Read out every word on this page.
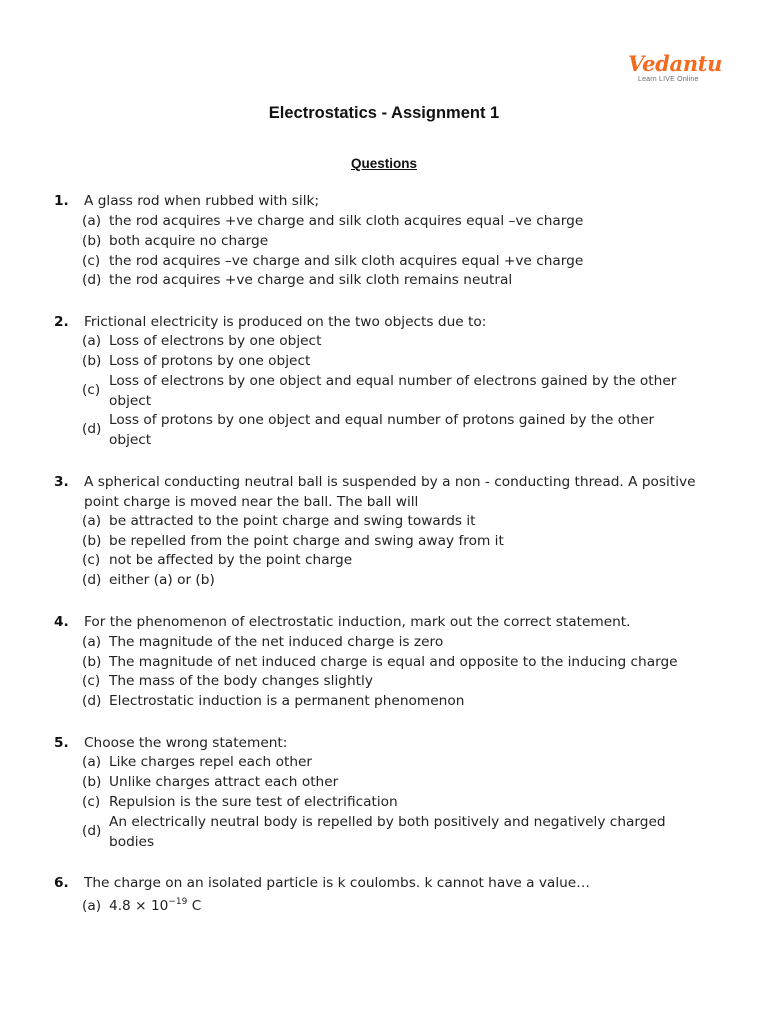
Vedantu
Learn LIVE Online
Electrostatics - Assignment 1
Questions
1. A glass rod when rubbed with silk;
(a) the rod acquires +ve charge and silk cloth acquires equal –ve charge
(b) both acquire no charge
(c) the rod acquires –ve charge and silk cloth acquires equal +ve charge
(d) the rod acquires +ve charge and silk cloth remains neutral
2. Frictional electricity is produced on the two objects due to:
(a) Loss of electrons by one object
(b) Loss of protons by one object
(c)
Loss of electrons by one object and equal number of electrons gained by the other object
(d)
Loss of protons by one object and equal number of protons gained by the other object
3. A spherical conducting neutral ball is suspended by a non - conducting thread. A positive point charge is moved near the ball. The ball will
(a) be attracted to the point charge and swing towards it
(b) be repelled from the point charge and swing away from it
(c) not be affected by the point charge
(d) either (a) or (b)
4. For the phenomenon of electrostatic induction, mark out the correct statement.
(a) The magnitude of the net induced charge is zero
(b) The magnitude of net induced charge is equal and opposite to the inducing charge
(c) The mass of the body changes slightly
(d) Electrostatic induction is a permanent phenomenon
5. Choose the wrong statement:
(a) Like charges repel each other
(b) Unlike charges attract each other
(c) Repulsion is the sure test of electrification
(d)
An electrically neutral body is repelled by both positively and negatively charged bodies
6. The charge on an isolated particle is k coulombs. k cannot have a value…
(a) $4.8 \times 10^{-19}$ C
